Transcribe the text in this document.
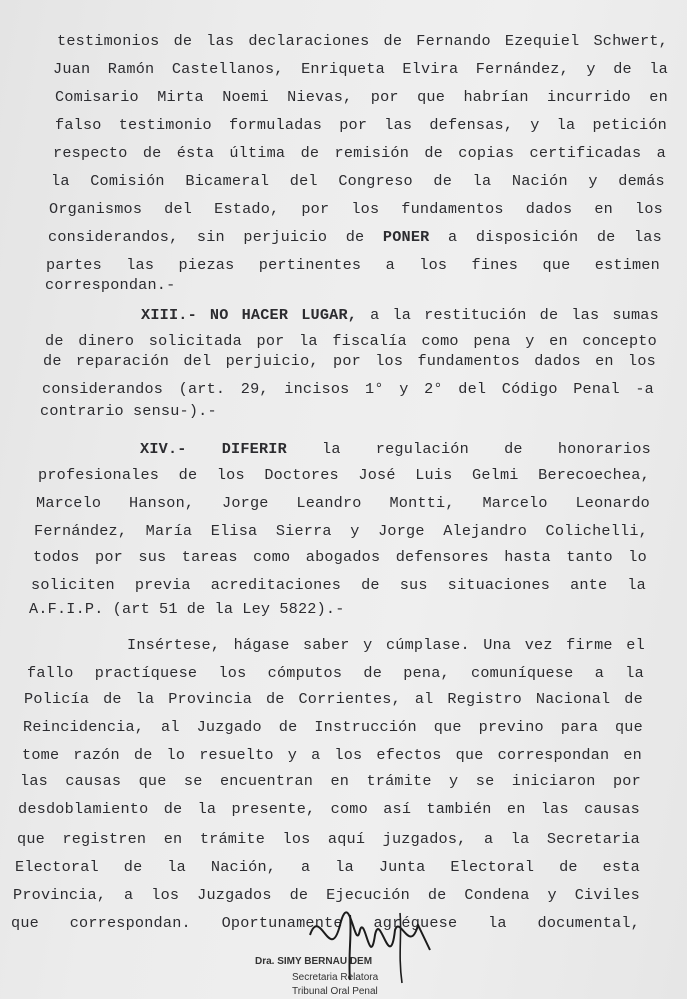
testimonios de las declaraciones de Fernando Ezequiel Schwert,
Juan Ramón Castellanos, Enriqueta Elvira Fernández, y de la
Comisario Mirta Noemi Nievas, por que habrían incurrido en
falso testimonio formuladas por las defensas, y la petición
respecto de ésta última de remisión de copias certificadas a
la Comisión Bicameral del Congreso de la Nación y demás
Organismos del Estado, por los fundamentos dados en los
considerandos, sin perjuicio de PONER a disposición de las
partes las piezas pertinentes a los fines que estimen
correspondan.-
XIII.- NO HACER LUGAR, a la restitución de las sumas
de dinero solicitada por la fiscalía como pena y en concepto
de reparación del perjuicio, por los fundamentos dados en los
considerandos (art. 29, incisos 1° y 2° del Código Penal -a
contrario sensu-).-
XIV.- DIFERIR la regulación de honorarios
profesionales de los Doctores José Luis Gelmi Berecoechea,
Marcelo Hanson, Jorge Leandro Montti, Marcelo Leonardo
Fernández, María Elisa Sierra y Jorge Alejandro Colichelli,
todos por sus tareas como abogados defensores hasta tanto lo
soliciten previa acreditaciones de sus situaciones ante la
A.F.I.P. (art 51 de la Ley 5822).-
Insértese, hágase saber y cúmplase. Una vez firme el
fallo practíquese los cómputos de pena, comuníquese a la
Policía de la Provincia de Corrientes, al Registro Nacional de
Reincidencia, al Juzgado de Instrucción que previno para que
tome razón de lo resuelto y a los efectos que correspondan en
las causas que se encuentran en trámite y se iniciaron por
desdoblamiento de la presente, como así también en las causas
que registren en trámite los aquí juzgados, a la Secretaria
Electoral de la Nación, a la Junta Electoral de esta
Provincia, a los Juzgados de Ejecución de Condena y Civiles
que correspondan. Oportunamente agréguese la documental,
Dra. SIMY BERNAU DEM
Secretaria Relatora
Tribunal Oral Penal
